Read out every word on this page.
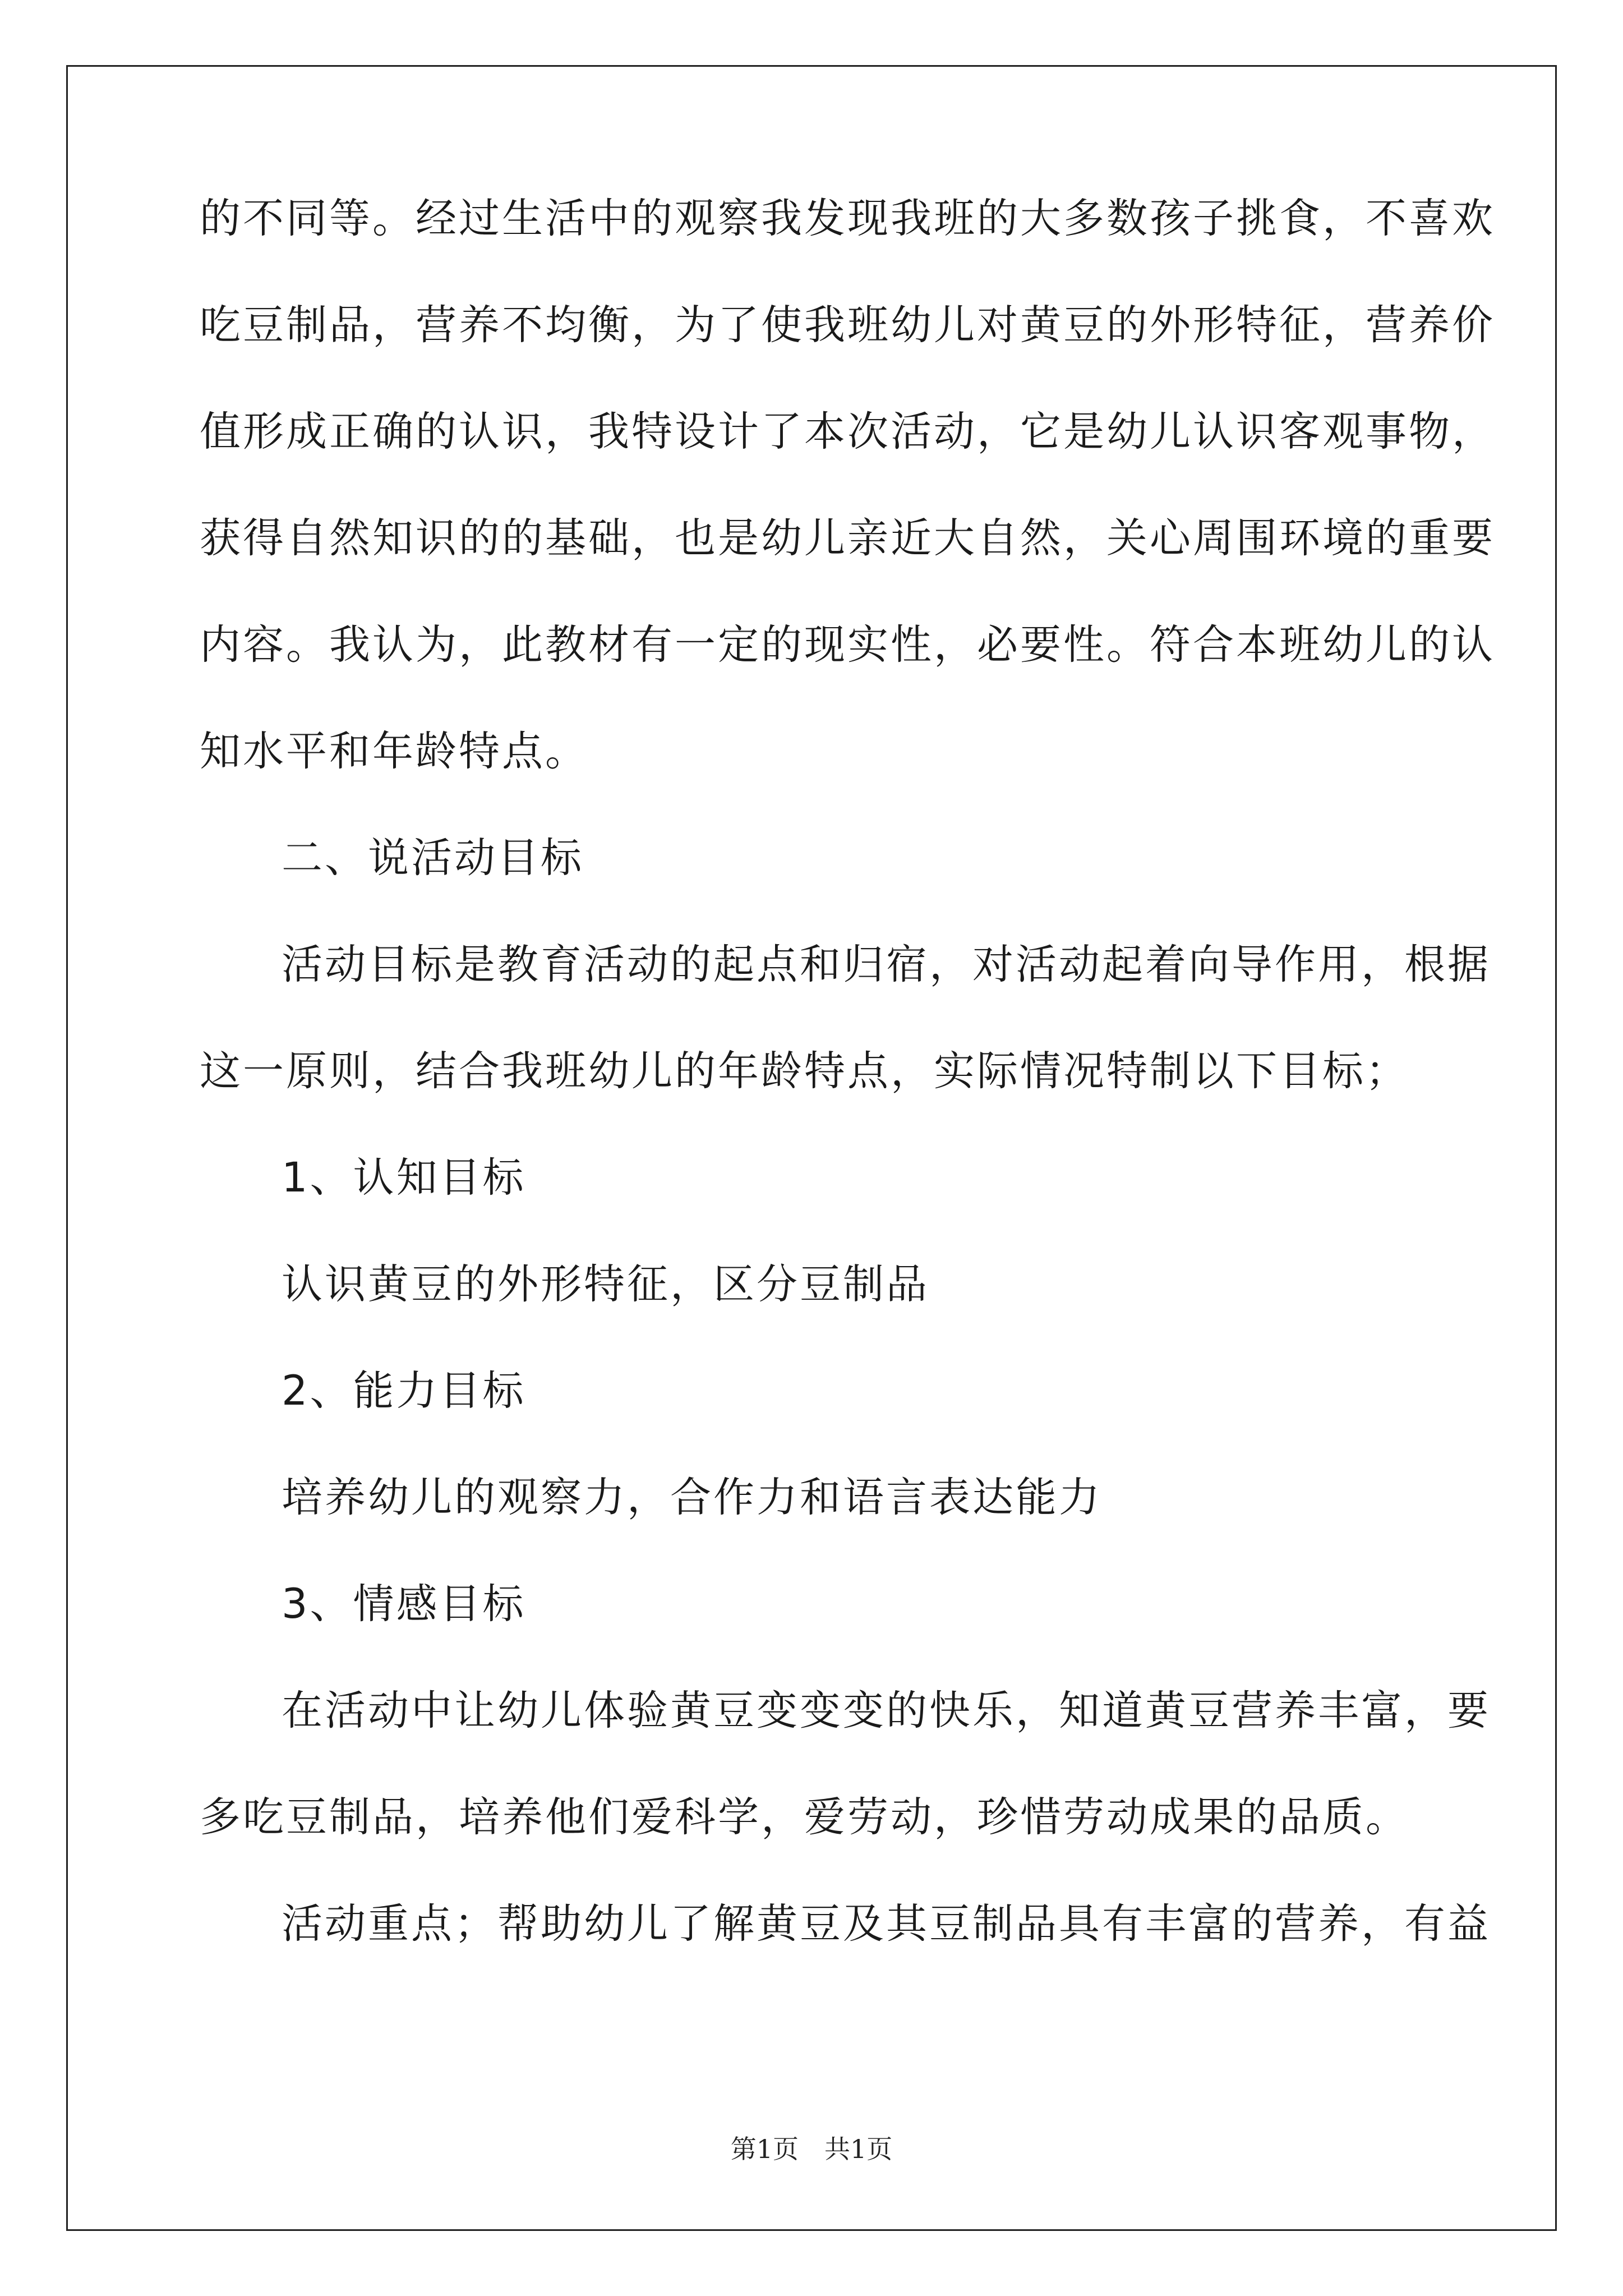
的不同等。经过生活中的观察我发现我班的大多数孩子挑食，不喜欢
吃豆制品，营养不均衡，为了使我班幼儿对黄豆的外形特征，营养价
值形成正确的认识，我特设计了本次活动，它是幼儿认识客观事物，
获得自然知识的的基础，也是幼儿亲近大自然，关心周围环境的重要
内容。我认为，此教材有一定的现实性，必要性。符合本班幼儿的认
知水平和年龄特点。
二、说活动目标
活动目标是教育活动的起点和归宿，对活动起着向导作用，根据
这一原则，结合我班幼儿的年龄特点，实际情况特制以下目标；
1、认知目标
认识黄豆的外形特征，区分豆制品
2、能力目标
培养幼儿的观察力，合作力和语言表达能力
3、情感目标
在活动中让幼儿体验黄豆变变变的快乐，知道黄豆营养丰富，要
多吃豆制品，培养他们爱科学，爱劳动，珍惜劳动成果的品质。
活动重点；帮助幼儿了解黄豆及其豆制品具有丰富的营养，有益
第1页　共1页
